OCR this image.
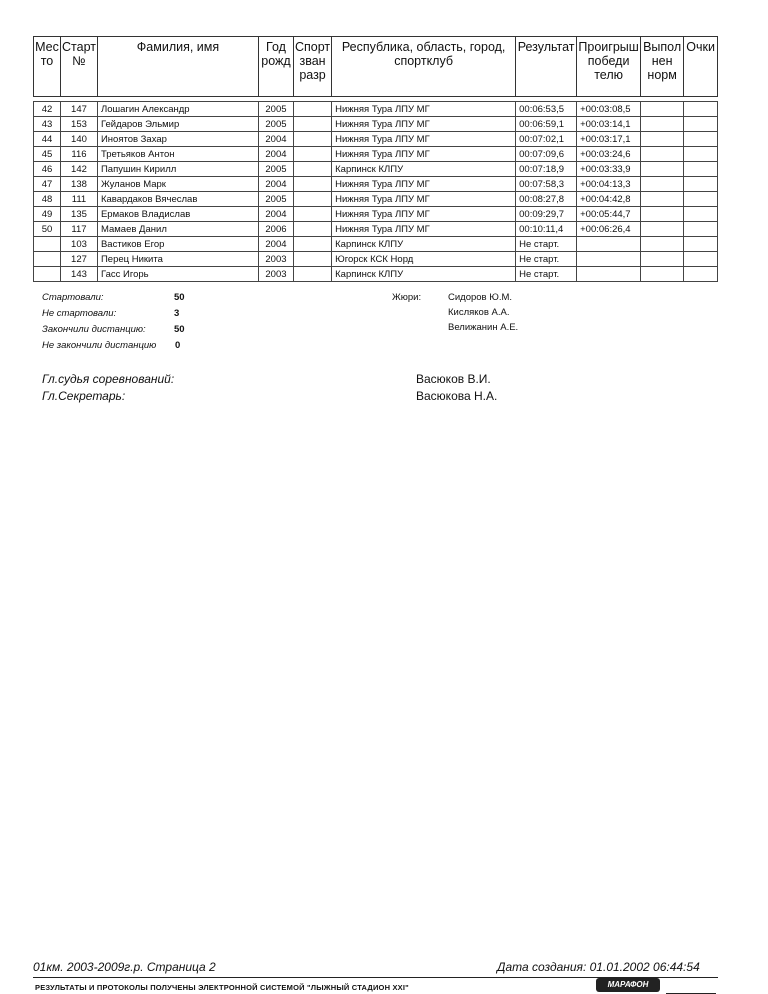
Мес то	Старт №	Фамилия, имя	Год рожд	Спорт зван разр	Республика, область, город, спортклуб	Результат	Проигрыш победи телю	Выпол нен норм	Очки

42	147	Лошагин Александр	2005		Нижняя Тура ЛПУ МГ	00:06:53,5	+00:03:08,5		
43	153	Гейдаров Эльмир	2005		Нижняя Тура ЛПУ МГ	00:06:59,1	+00:03:14,1		
44	140	Иноятов Захар	2004		Нижняя Тура ЛПУ МГ	00:07:02,1	+00:03:17,1		
45	116	Третьяков Антон	2004		Нижняя Тура ЛПУ МГ	00:07:09,6	+00:03:24,6		
46	142	Папушин Кирилл	2005		Карпинск КЛПУ	00:07:18,9	+00:03:33,9		
47	138	Жуланов Марк	2004		Нижняя Тура ЛПУ МГ	00:07:58,3	+00:04:13,3		
48	111	Кавардаков Вячеслав	2005		Нижняя Тура ЛПУ МГ	00:08:27,8	+00:04:42,8		
49	135	Ермаков Владислав	2004		Нижняя Тура ЛПУ МГ	00:09:29,7	+00:05:44,7		
50	117	Мамаев Данил	2006		Нижняя Тура ЛПУ МГ	00:10:11,4	+00:06:26,4		
	103	Вастиков Егор	2004		Карпинск КЛПУ	Не старт.			
	127	Перец Никита	2003		Югорск КСК Норд	Не старт.			
	143	Гасс Игорь	2003		Карпинск КЛПУ	Не старт.			
Стартовали:	50
Не стартовали:	3
Закончили дистанцию:	50
Не закончили дистанцию 0
Жюри:	Сидоров Ю.М.
Кисляков А.А.
Велижанин А.Е.
Гл.судья соревнований:	Васюков В.И.
Гл.Секретарь:	Васюкова Н.А.
01км. 2003-2009г.р. Страница 2	Дата создания: 01.01.2002 06:44:54
РЕЗУЛЬТАТЫ И ПРОТОКОЛЫ ПОЛУЧЕНЫ ЭЛЕКТРОННОЙ СИСТЕМОЙ "ЛЫЖНЫЙ СТАДИОН XXI"	МАРАФОН
